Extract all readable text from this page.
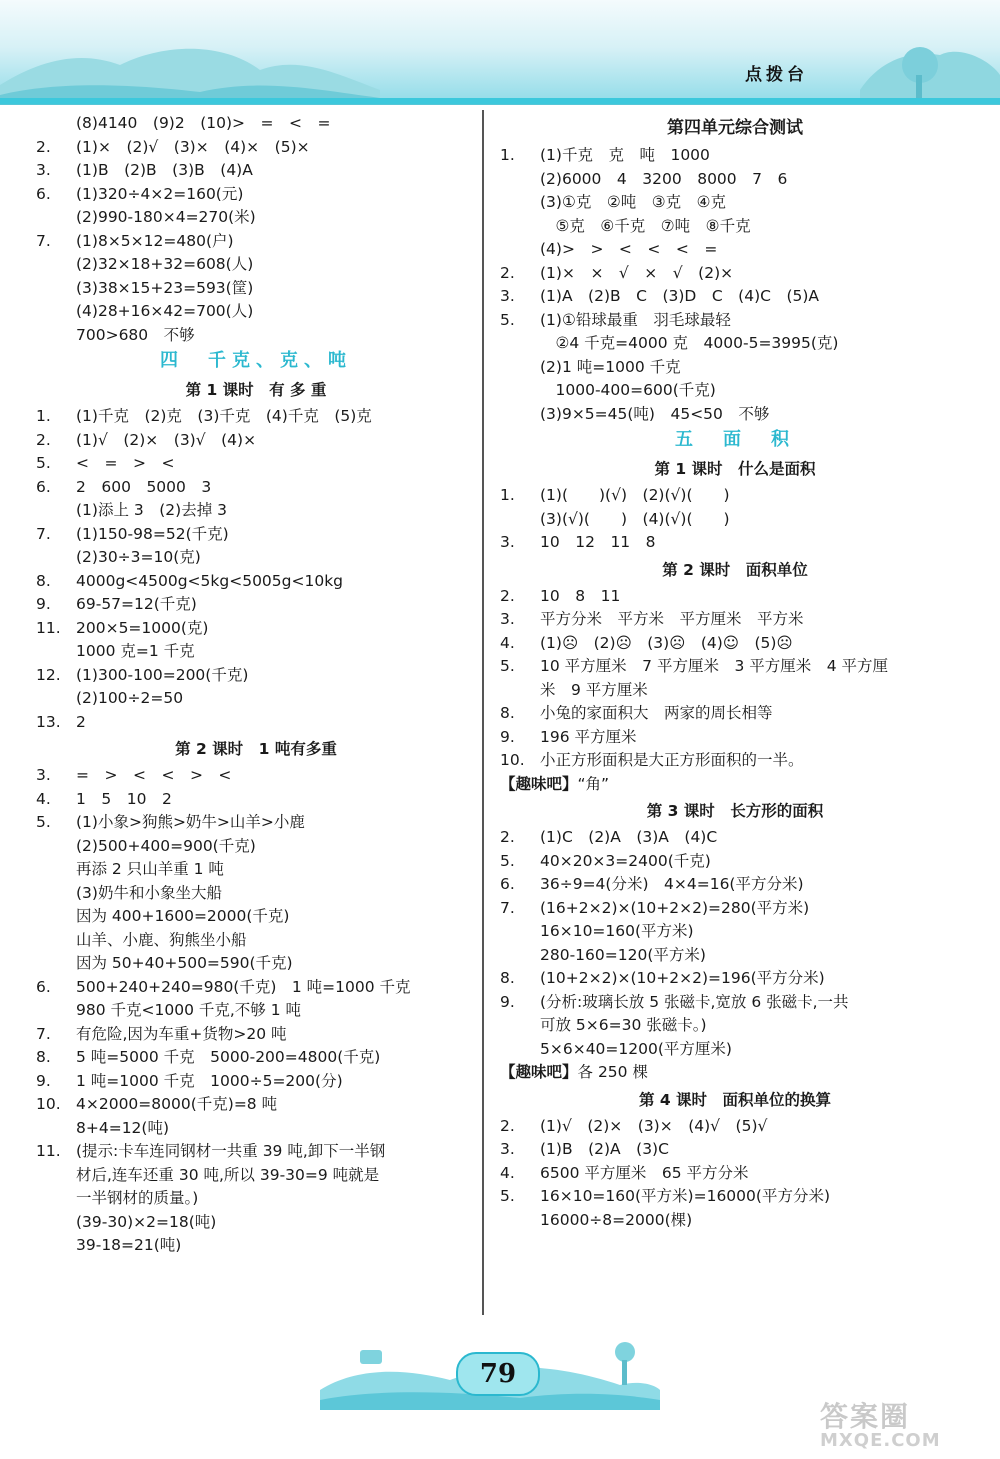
点拨台
(8)4140　(9)2　(10)>　=　<　=
2. (1)×　(2)√　(3)×　(4)×　(5)×
3. (1)B　(2)B　(3)B　(4)A
6. (1)320÷4×2=160(元)
(2)990-180×4=270(米)
7. (1)8×5×12=480(户)
(2)32×18+32=608(人)
(3)38×15+23=593(筐)
(4)28+16×42=700(人)
700>680　不够
四　千克、克、吨
第 1 课时　有 多 重
1. (1)千克　(2)克　(3)千克　(4)千克　(5)克
2. (1)√　(2)×　(3)√　(4)×
5. <　=　>　<
6. 2　600　5000　3
(1)添上 3　(2)去掉 3
7. (1)150-98=52(千克)
(2)30÷3=10(克)
8. 4000g<4500g<5kg<5005g<10kg
9. 69-57=12(千克)
11. 200×5=1000(克)
1000 克=1 千克
12. (1)300-100=200(千克)
(2)100÷2=50
13. 2
第 2 课时　1 吨有多重
3. =　>　<　<　>　<
4. 1　5　10　2
5. (1)小象>狗熊>奶牛>山羊>小鹿
(2)500+400=900(千克)
再添 2 只山羊重 1 吨
(3)奶牛和小象坐大船
因为 400+1600=2000(千克)
山羊、小鹿、狗熊坐小船
因为 50+40+500=590(千克)
6. 500+240+240=980(千克)　1 吨=1000 千克
980 千克<1000 千克,不够 1 吨
7. 有危险,因为车重+货物>20 吨
8. 5 吨=5000 千克　5000-200=4800(千克)
9. 1 吨=1000 千克　1000÷5=200(分)
10. 4×2000=8000(千克)=8 吨
8+4=12(吨)
11. (提示:卡车连同钢材一共重 39 吨,卸下一半钢
材后,连车还重 30 吨,所以 39-30=9 吨就是
一半钢材的质量。)
(39-30)×2=18(吨)
39-18=21(吨)
第四单元综合测试
1. (1)千克　克　吨　1000
(2)6000　4　3200　8000　7　6
(3)①克　②吨　③克　④克
　⑤克　⑥千克　⑦吨　⑧千克
(4)>　>　<　<　<　=
2. (1)×　×　√　×　√　(2)×
3. (1)A　(2)B　C　(3)D　C　(4)C　(5)A
5. (1)①铅球最重　羽毛球最轻
　②4 千克=4000 克　4000-5=3995(克)
(2)1 吨=1000 千克
　1000-400=600(千克)
(3)9×5=45(吨)　45<50　不够
五　面　积
第 1 课时　什么是面积
1. (1)(　　)(√)　(2)(√)(　　)
(3)(√)(　　)　(4)(√)(　　)
3. 10　12　11　8
第 2 课时　面积单位
2. 10　8　11
3. 平方分米　平方米　平方厘米　平方米
4. (1)☹　(2)☹　(3)☹　(4)☺　(5)☹
5. 10 平方厘米　7 平方厘米　3 平方厘米　4 平方厘
米　9 平方厘米
8. 小兔的家面积大　两家的周长相等
9. 196 平方厘米
10. 小正方形面积是大正方形面积的一半。
【趣味吧】“角”
第 3 课时　长方形的面积
2. (1)C　(2)A　(3)A　(4)C
5. 40×20×3=2400(千克)
6. 36÷9=4(分米)　4×4=16(平方分米)
7. (16+2×2)×(10+2×2)=280(平方米)
16×10=160(平方米)
280-160=120(平方米)
8. (10+2×2)×(10+2×2)=196(平方分米)
9. (分析:玻璃长放 5 张磁卡,宽放 6 张磁卡,一共
可放 5×6=30 张磁卡。)
5×6×40=1200(平方厘米)
【趣味吧】各 250 棵
第 4 课时　面积单位的换算
2. (1)√　(2)×　(3)×　(4)√　(5)√
3. (1)B　(2)A　(3)C
4. 6500 平方厘米　65 平方分米
5. 16×10=160(平方米)=16000(平方分米)
16000÷8=2000(棵)
79
答案圈
MXQE.COM
